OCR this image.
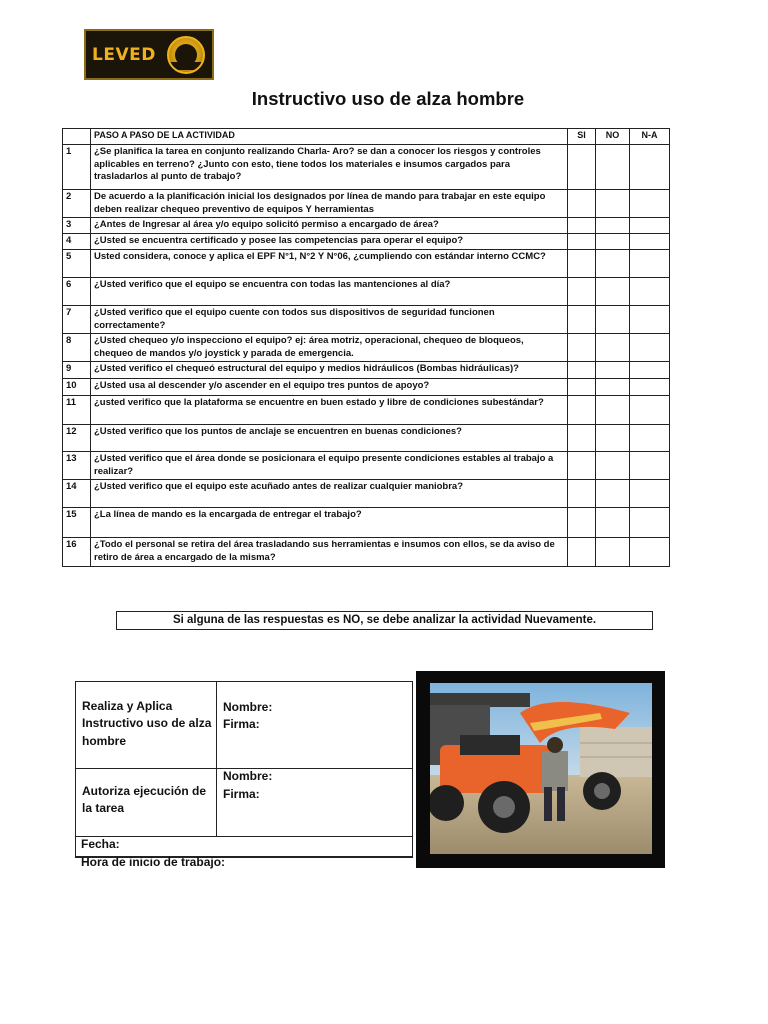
LEVED
Instructivo uso de alza hombre
	PASO A PASO DE LA ACTIVIDAD	SI	NO	N-A
1	¿Se planifica la tarea en conjunto realizando Charla- Aro? se dan a conocer los riesgos y controles aplicables en terreno? ¿Junto con esto, tiene todos los materiales e insumos cargados para trasladarlos al punto de trabajo?			
2	De acuerdo a la planificación inicial los designados por línea de mando para trabajar en este equipo deben realizar chequeo preventivo de equipos Y herramientas			
3	¿Antes de Ingresar al área y/o equipo solicitó permiso a encargado de área?			
4	¿Usted se encuentra certificado y posee las competencias para operar el equipo?			
5	Usted considera, conoce y aplica el EPF N°1, N°2 Y N°06, ¿cumpliendo con estándar interno CCMC?			
6	¿Usted verifico que el equipo se encuentra con todas las mantenciones al día?			
7	¿Usted verifico que el equipo cuente con todos sus dispositivos de seguridad funcionen correctamente?			
8	¿Usted chequeo y/o inspecciono el equipo? ej: área motriz, operacional, chequeo de bloqueos, chequeo de mandos y/o joystick y parada de emergencia.			
9	¿Usted verifico el chequeó estructural del equipo y medios hidráulicos (Bombas hidráulicas)?			
10	¿Usted usa al descender y/o ascender en el equipo tres puntos de apoyo?			
11	¿usted verifico que la plataforma se encuentre en buen estado y libre de condiciones subestándar?			
12	¿Usted verifico que los puntos de anclaje se encuentren en buenas condiciones?			
13	¿Usted verifico que el área donde se posicionara el equipo presente condiciones estables al trabajo a realizar?			
14	¿Usted verifico que el equipo este acuñado antes de realizar cualquier maniobra?			
15	¿La línea de mando es la encargada de entregar el trabajo?			
16	¿Todo el personal se retira del área trasladando sus herramientas e insumos con ellos, se da aviso de retiro de área a encargado de la misma?			
Si alguna de las respuestas es NO, se debe analizar la actividad Nuevamente.
Realiza y Aplica Instructivo uso de alza hombre
Nombre:
Firma:
Autoriza ejecución de la tarea
Nombre:
Firma:
Fecha:
Hora de inicio de trabajo:
